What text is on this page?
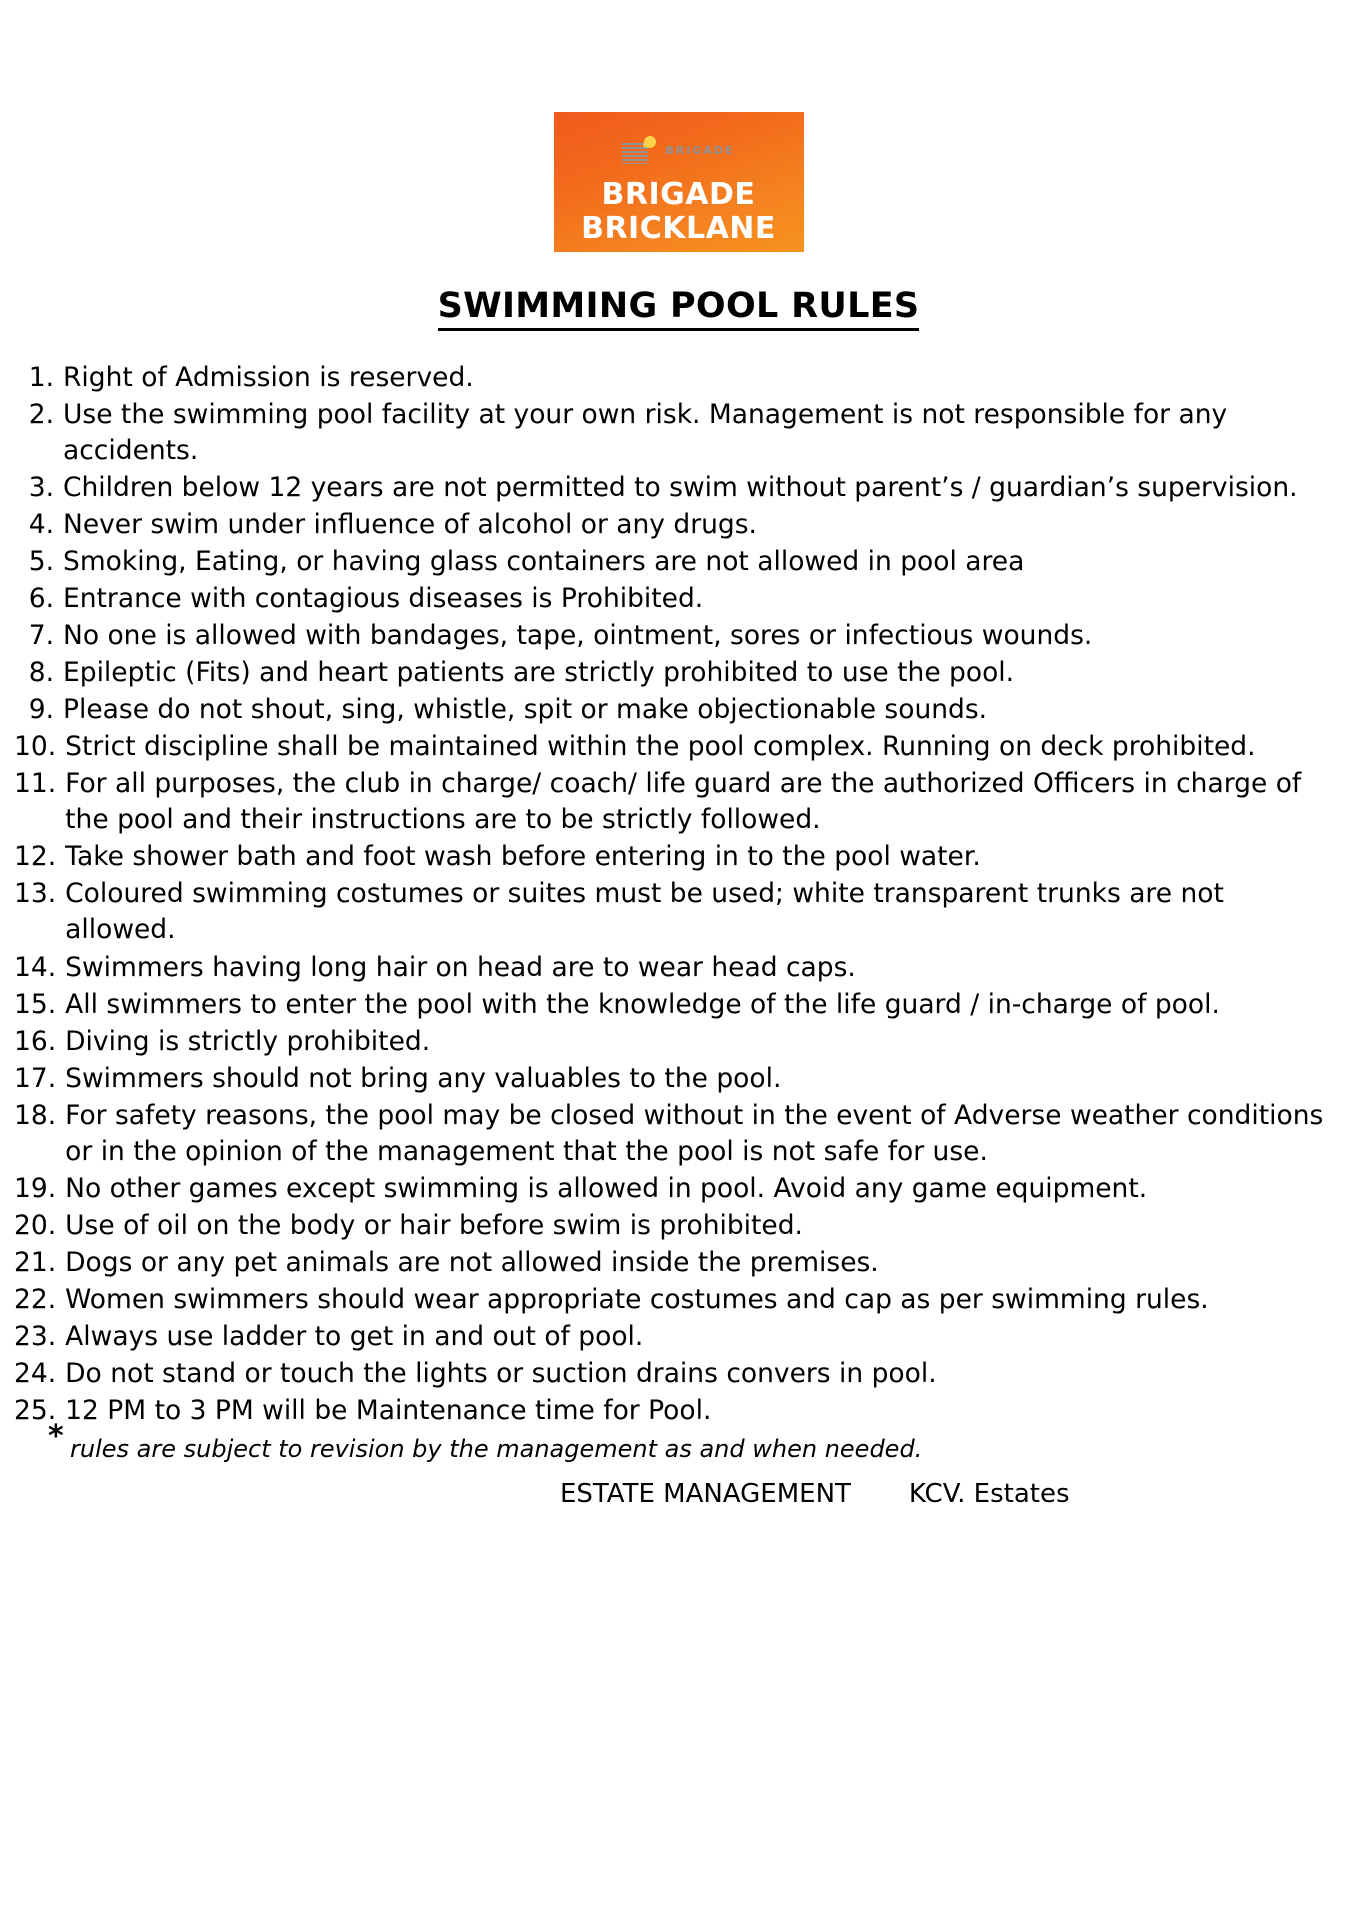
BRIGADE
BRIGADE
BRICKLANE
SWIMMING POOL RULES
1. Right of Admission is reserved.
2. Use the swimming pool facility at your own risk. Management is not responsible for any accidents.
3. Children below 12 years are not permitted to swim without parent’s / guardian’s supervision.
4. Never swim under influence of alcohol or any drugs.
5. Smoking, Eating, or having glass containers are not allowed in pool area
6. Entrance with contagious diseases is Prohibited.
7. No one is allowed with bandages, tape, ointment, sores or infectious wounds.
8. Epileptic (Fits) and heart patients are strictly prohibited to use the pool.
9. Please do not shout, sing, whistle, spit or make objectionable sounds.
10. Strict discipline shall be maintained within the pool complex. Running on deck prohibited.
11. For all purposes, the club in charge/ coach/ life guard are the authorized Officers in charge of the pool and their instructions are to be strictly followed.
12. Take shower bath and foot wash before entering in to the pool water.
13. Coloured swimming costumes or suites must be used; white transparent trunks are not allowed.
14. Swimmers having long hair on head are to wear head caps.
15. All swimmers to enter the pool with the knowledge of the life guard / in-charge of pool.
16. Diving is strictly prohibited.
17. Swimmers should not bring any valuables to the pool.
18. For safety reasons, the pool may be closed without in the event of Adverse weather conditions or in the opinion of the management that the pool is not safe for use.
19. No other games except swimming is allowed in pool. Avoid any game equipment.
20. Use of oil on the body or hair before swim is prohibited.
21. Dogs or any pet animals are not allowed inside the premises.
22. Women swimmers should wear appropriate costumes and cap as per swimming rules.
23. Always use ladder to get in and out of pool.
24. Do not stand or touch the lights or suction drains convers in pool.
25. 12 PM to 3 PM will be Maintenance time for Pool.
* rules are subject to revision by the management as and when needed.
ESTATE MANAGEMENT KCV. Estates
